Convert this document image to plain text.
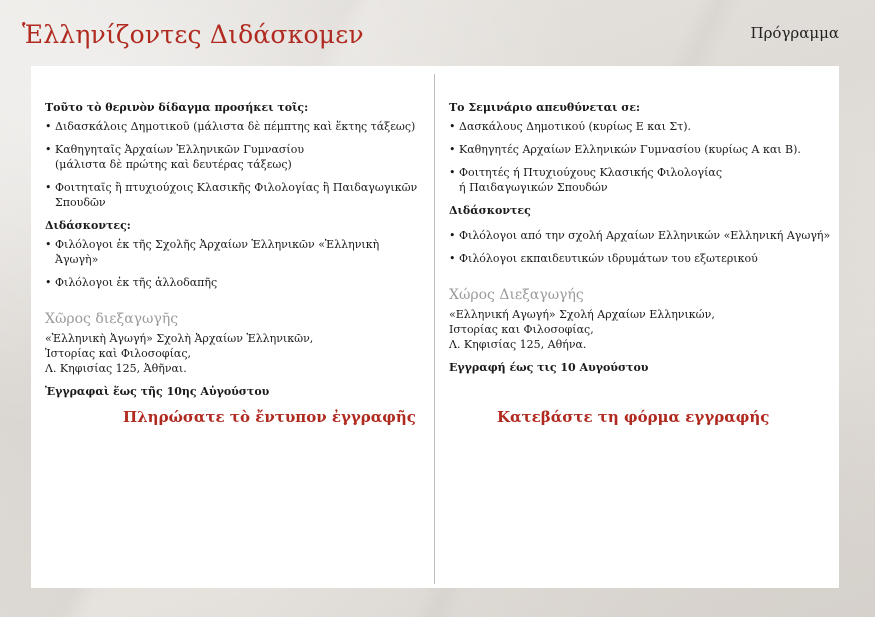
Ἑλληνίζοντες Διδάσκομεν	Πρόγραμμα

Τοῦτο τὸ θερινὸν δίδαγμα προσήκει τοῖς:

• Διδασκάλοις Δημοτικοῦ (μάλιστα δὲ πέμπτης καὶ ἕκτης τάξεως)
• Καθηγηταῖς Ἀρχαίων Ἑλληνικῶν Γυμνασίου
(μάλιστα δὲ πρώτης καὶ δευτέρας τάξεως)
• Φοιτηταῖς ἢ πτυχιούχοις Κλασικῆς Φιλολογίας ἢ Παιδαγωγικῶν Σπουδῶν

Διδάσκοντες:

• Φιλόλογοι ἐκ τῆς Σχολῆς Ἀρχαίων Ἑλληνικῶν «Ἑλληνικὴ Ἀγωγὴ»
• Φιλόλογοι ἐκ τῆς ἀλλοδαπῆς

Χῶρος διεξαγωγῆς

«Ἑλληνικὴ Ἀγωγή» Σχολὴ Ἀρχαίων Ἑλληνικῶν,
Ἱστορίας καὶ Φιλοσοφίας,
Λ. Κηφισίας 125, Ἀθῆναι.

Ἐγγραφαὶ ἕως τῆς 10ης Αὐγούστου

Το Σεμινάριο απευθύνεται σε:

• Δασκάλους Δημοτικού (κυρίως Ε και Στ).
• Καθηγητές Αρχαίων Ελληνικών Γυμνασίου (κυρίως Α και Β).
• Φοιτητές ή Πτυχιούχους Κλασικής Φιλολογίας
ή Παιδαγωγικών Σπουδών

Διδάσκοντες

• Φιλόλογοι από την σχολή Αρχαίων Ελληνικών «Ελληνική Αγωγή»
• Φιλόλογοι εκπαιδευτικών ιδρυμάτων του εξωτερικού

Χώρος Διεξαγωγής

«Ελληνική Αγωγή» Σχολή Αρχαίων Ελληνικών,
Ιστορίας και Φιλοσοφίας,
Λ. Κηφισίας 125, Αθήνα.

Εγγραφή έως τις 10 Αυγούστου

Πληρώσατε τὸ ἔντυπον ἐγγραφῆς	Κατεβάστε τη φόρμα εγγραφής
